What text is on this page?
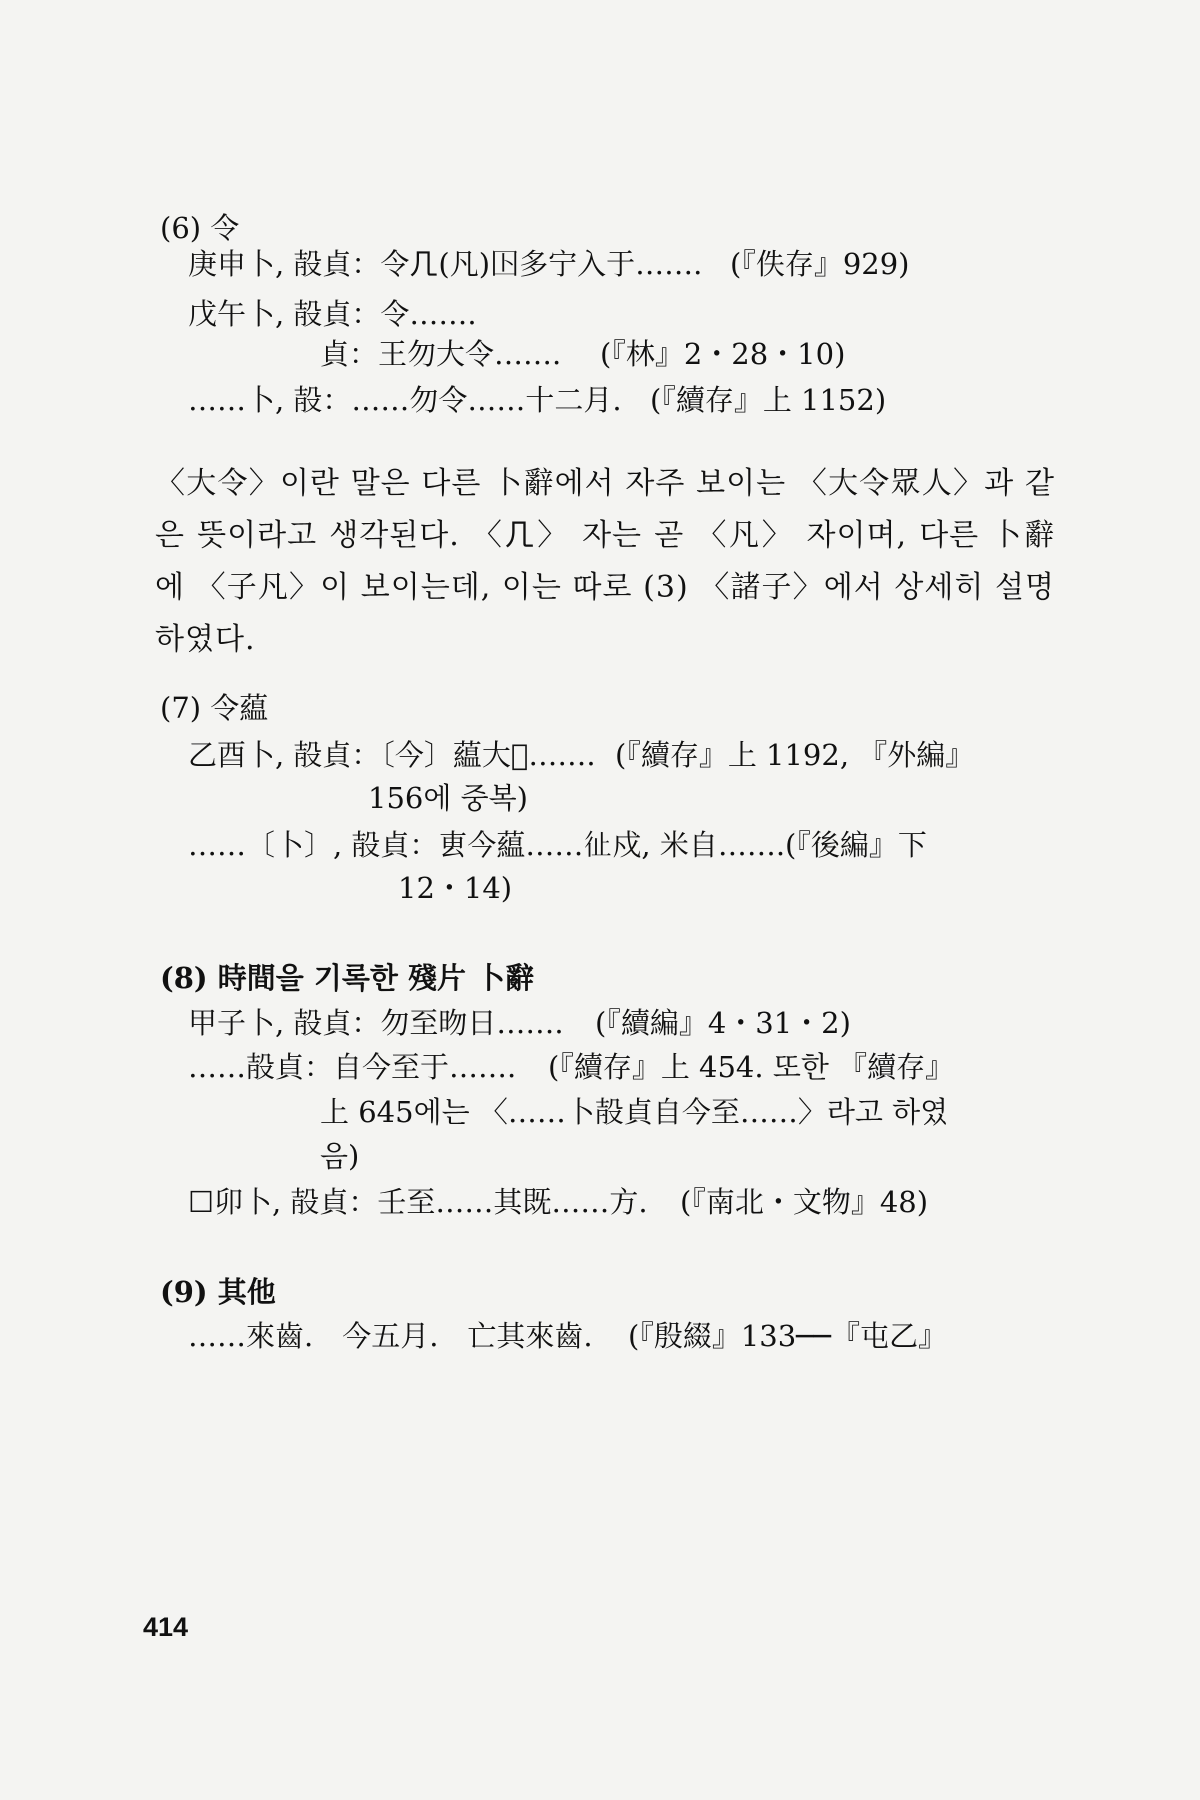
(6) 令
庚申卜, 㱿貞：令𠘧(凡)𡆥多宁入于……. (『佚存』929)
戊午卜, 㱿貞：令…….
貞：王勿大令……. (『林』2・28・10)
……卜, 㱿：……勿令……十二月. (『續存』上 1152)
〈大令〉이란 말은 다른 卜辭에서 자주 보이는 〈大令眾人〉과 같은 뜻이라고 생각된다. 〈𠘧〉 자는 곧 〈凡〉 자이며, 다른 卜辭에 〈子凡〉이 보이는데, 이는 따로 (3) 〈諸子〉에서 상세히 설명하였다.
(7) 令藴
乙酉卜, 㱿貞：〔今〕藴大𢑚……. (『續存』上 1192, 『外編』
156에 중복)
……〔卜〕, 㱿貞：叀今藴……𢓊戍, 米自……. (『後編』下
12・14)
(8) 時間을 기록한 殘片 卜辭
甲子卜, 㱿貞：勿至昒日……. (『續編』4・31・2)
……㱿貞：自今至于……. (『續存』上 454. 또한 『續存』
上 645에는 〈……卜㱿貞自今至……〉라고 하였
음)
☐卯卜, 㱿貞：壬至……其既……方. (『南北・文物』48)
(9) 其他
……來齒.　今五月.　亡其來齒. (『殷綴』133──『屯乙』
414
